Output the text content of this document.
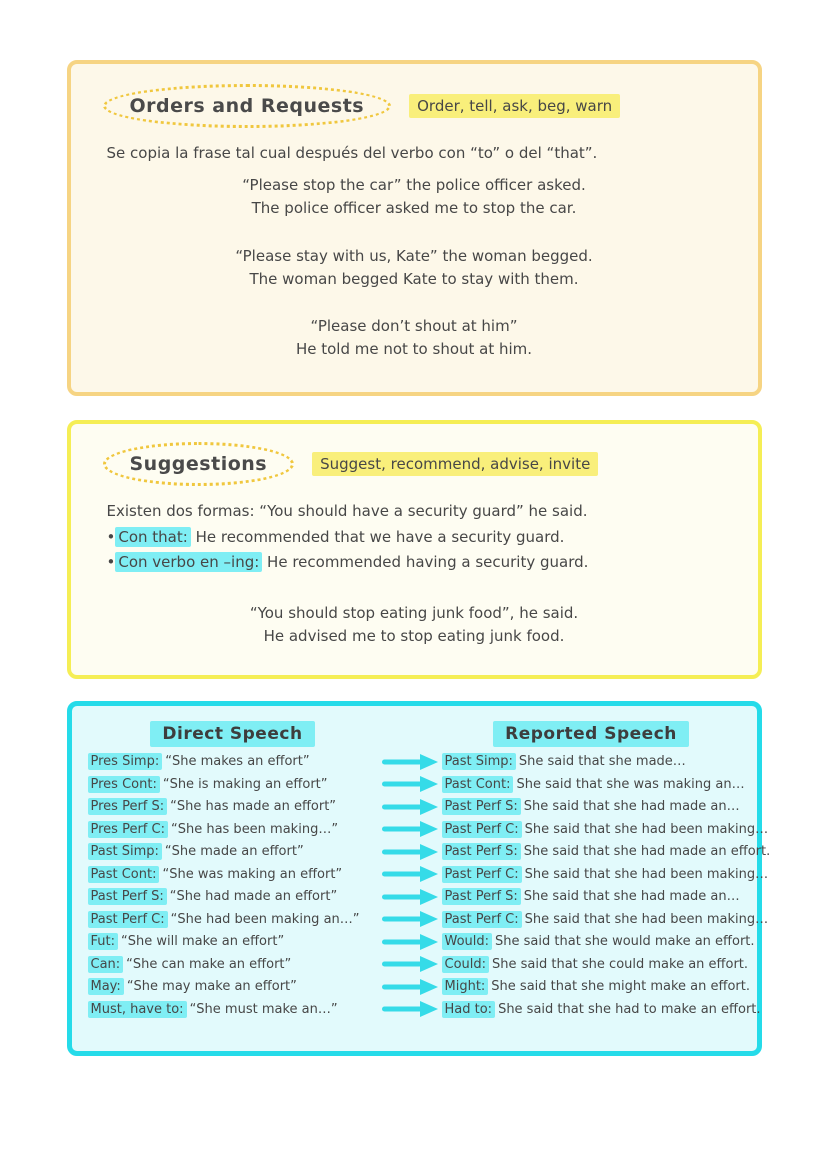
Orders and Requests	Order, tell, ask, beg, warn
Se copia la frase tal cual después del verbo con “to” o del “that”.
“Please stop the car” the police officer asked.
The police officer asked me to stop the car.
“Please stay with us, Kate” the woman begged.
The woman begged Kate to stay with them.
“Please don’t shout at him”
He told me not to shout at him.
Suggestions	Suggest, recommend, advise, invite
Existen dos formas: “You should have a security guard” he said.
• Con that: He recommended that we have a security guard.
• Con verbo en –ing: He recommended having a security guard.
“You should stop eating junk food”, he said.
He advised me to stop eating junk food.
Direct Speech	Reported Speech
Pres Simp: “She makes an effort”	Past Simp: She said that she made…
Pres Cont: “She is making an effort”	Past Cont: She said that she was making an…
Pres Perf S: “She has made an effort”	Past Perf S: She said that she had made an…
Pres Perf C: “She has been making…”	Past Perf C: She said that she had been making…
Past Simp: “She made an effort”	Past Perf S: She said that she had made an effort.
Past Cont: “She was making an effort”	Past Perf C: She said that she had been making…
Past Perf S: “She had made an effort”	Past Perf S: She said that she had made an…
Past Perf C: “She had been making an…”	Past Perf C: She said that she had been making…
Fut: “She will make an effort”	Would: She said that she would make an effort.
Can: “She can make an effort”	Could: She said that she could make an effort.
May: “She may make an effort”	Might: She said that she might make an effort.
Must, have to: “She must make an…”	Had to: She said that she had to make an effort.
